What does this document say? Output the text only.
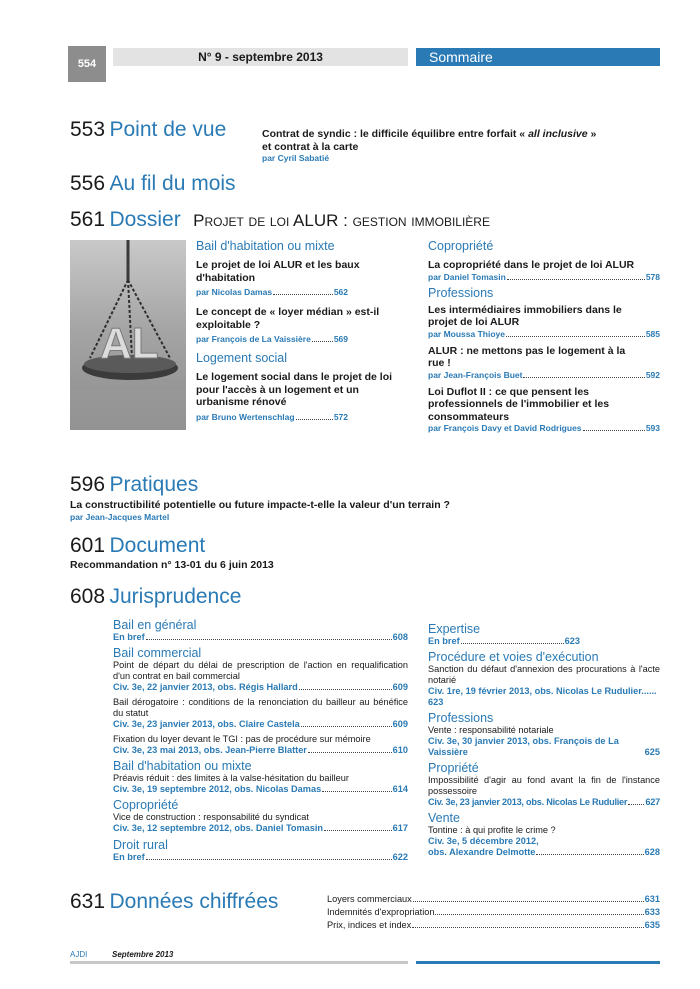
554	N° 9 - septembre 2013	Sommaire
553 Point de vue	Contrat de syndic : le difficile équilibre entre forfait « all inclusive »
et contrat à la carte
par Cyril Sabatié
556 Au fil du mois
561 Dossier Projet de loi ALUR : gestion immobilière
AL
Bail d'habitation ou mixte
Le projet de loi ALUR et les baux d'habitation
par Nicolas Damas	562
Le concept de « loyer médian » est-il exploitable ?
par François de La Vaissière	569
Logement social
Le logement social dans le projet de loi pour l'accès à un logement et un urbanisme rénové
par Bruno Wertenschlag	572
Copropriété
La copropriété dans le projet de loi ALUR
par Daniel Tomasin	578
Professions
Les intermédiaires immobiliers dans le projet de loi ALUR
par Moussa Thioye	585
ALUR : ne mettons pas le logement à la rue !
par Jean-François Buet	592
Loi Duflot II : ce que pensent les professionnels de l'immobilier et les consommateurs
par François Davy et David Rodrigues	593
596 Pratiques
La constructibilité potentielle ou future impacte-t-elle la valeur d'un terrain ?
par Jean-Jacques Martel
601 Document
Recommandation n° 13-01 du 6 juin 2013
608 Jurisprudence
Bail en général
En bref	608
Bail commercial
Point de départ du délai de prescription de l'action en requalification d'un contrat en bail commercial
Civ. 3e, 22 janvier 2013, obs. Régis Hallard	609
Bail dérogatoire : conditions de la renonciation du bailleur au bénéfice du statut
Civ. 3e, 23 janvier 2013, obs. Claire Castela	609
Fixation du loyer devant le TGI : pas de procédure sur mémoire
Civ. 3e, 23 mai 2013, obs. Jean-Pierre Blatter	610
Bail d'habitation ou mixte
Préavis réduit : des limites à la valse-hésitation du bailleur
Civ. 3e, 19 septembre 2012, obs. Nicolas Damas	614
Copropriété
Vice de construction : responsabilité du syndicat
Civ. 3e, 12 septembre 2012, obs. Daniel Tomasin	617
Droit rural
En bref	622
Expertise
En bref	623
Procédure et voies d'exécution
Sanction du défaut d'annexion des procurations à l'acte notarié
Civ. 1re, 19 février 2013, obs. Nicolas Le Rudulier...... 623
Professions
Vente : responsabilité notariale
Civ. 3e, 30 janvier 2013, obs. François de La Vaissière	625
Propriété
Impossibilité d'agir au fond avant la fin de l'instance possessoire
Civ. 3e, 23 janvier 2013, obs. Nicolas Le Rudulier 627
Vente
Tontine : à qui profite le crime ?
Civ. 3e, 5 décembre 2012,
obs. Alexandre Delmotte	628
631 Données chiffrées	Loyers commerciaux	631
Indemnités d'expropriation	633
Prix, indices et index	635
AJDI	Septembre 2013
